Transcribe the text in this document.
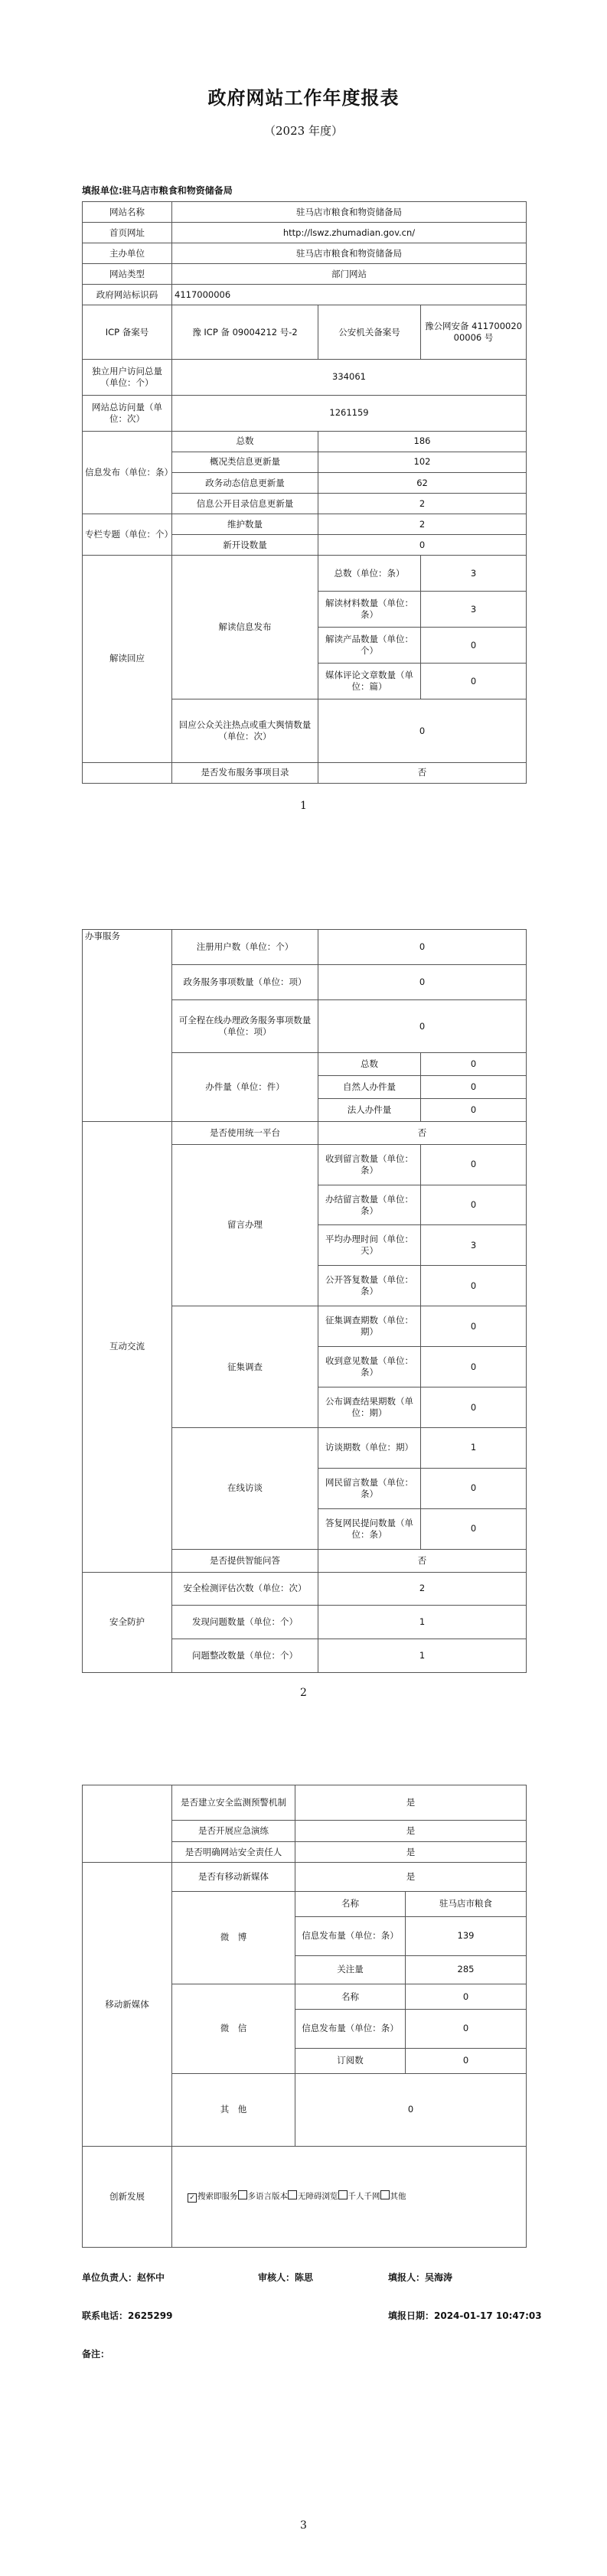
政府网站工作年度报表
（2023 年度）
填报单位:驻马店市粮食和物资储备局
网站名称	驻马店市粮食和物资储备局		
首页网址	http://lswz.zhumadian.gov.cn/		
主办单位	驻马店市粮食和物资储备局		
网站类型	部门网站		
政府网站标识码	4117000006		
ICP 备案号	豫 ICP 备 09004212 号-2	公安机关备案号	豫公网安备 41170002000006 号
独立用户访问总量（单位：个）	334061		
网站总访问量（单位：次）	1261159		
信息发布（单位：条）	总数	186	
	概况类信息更新量	102	
	政务动态信息更新量	62	
	信息公开目录信息更新量	2	
专栏专题（单位：个）	维护数量	2	
	新开设数量	0	
解读回应	解读信息发布	总数（单位：条）	3
		解读材料数量（单位：条）	3
		解读产品数量（单位：个）	0
		媒体评论文章数量（单位：篇）	0
	回应公众关注热点或重大舆情数量（单位：次）	0	
	是否发布服务事项目录	否	
1
办事服务	注册用户数（单位：个）	0	
	政务服务事项数量（单位：项）	0	
	可全程在线办理政务服务事项数量（单位：项）	0	
	办件量（单位：件）	总数	0
		自然人办件量	0
		法人办件量	0
互动交流	是否使用统一平台	否	
	留言办理	收到留言数量（单位：条）	0
		办结留言数量（单位：条）	0
		平均办理时间（单位：天）	3
		公开答复数量（单位：条）	0
	征集调查	征集调查期数（单位：期）	0
		收到意见数量（单位：条）	0
		公布调查结果期数（单位：期）	0
	在线访谈	访谈期数（单位：期）	1
		网民留言数量（单位：条）	0
		答复网民提问数量（单位：条）	0
	是否提供智能问答	否	
安全防护	安全检测评估次数（单位：次）	2	
	发现问题数量（单位：个）	1	
	问题整改数量（单位：个）	1	
2
	是否建立安全监测预警机制	是	
	是否开展应急演练	是	
	是否明确网站安全责任人	是	
移动新媒体	是否有移动新媒体	是	
	微　博	名称	驻马店市粮食
		信息发布量（单位：条）	139
		关注量	285
	微　信	名称	0
		信息发布量（单位：条）	0
		订阅数	0
	其　他	0	
创新发展	✓ 搜索即服务 多语言版本 无障碍浏览 千人千网 其他		
单位负责人：赵怀中	审核人：陈思	填报人：吴海涛
联系电话：2625299	填报日期：2024-01-17 10:47:03
备注：
3
